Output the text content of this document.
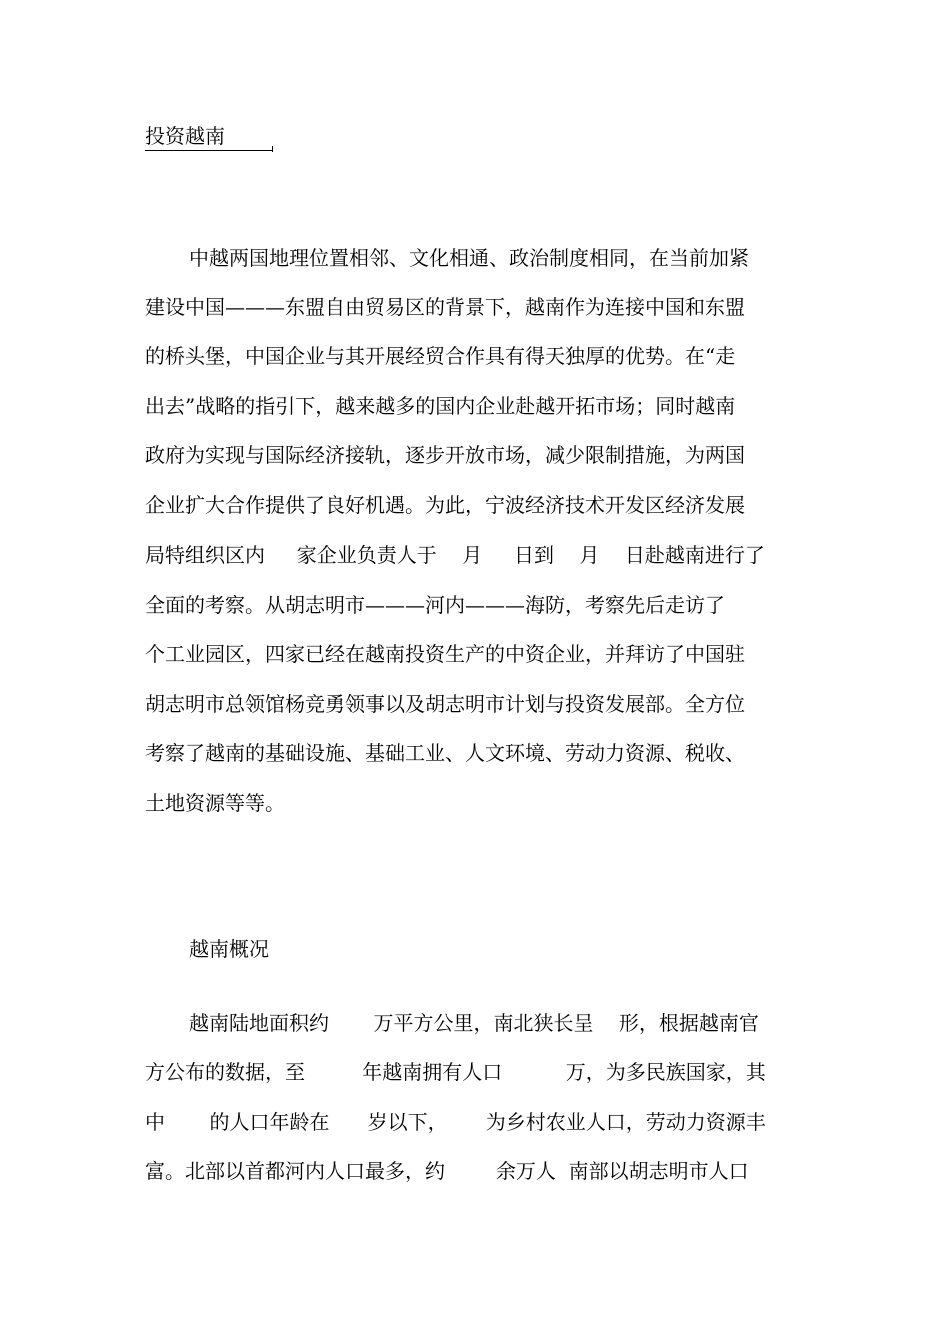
投资越南
中越两国地理位置相邻、文化相通、政治制度相同，在当前加紧
建设中国———东盟自由贸易区的背景下，越南作为连接中国和东盟
的桥头堡，中国企业与其开展经贸合作具有得天独厚的优势。在“走
出去”战略的指引下，越来越多的国内企业赴越开拓市场；同时越南
政府为实现与国际经济接轨，逐步开放市场，减少限制措施，为两国
企业扩大合作提供了良好机遇。为此，宁波经济技术开发区经济发展
局特组织区内     家企业负责人于    月     日到    月    日赴越南进行了
全面的考察。从胡志明市———河内———海防，考察先后走访了
个工业园区，四家已经在越南投资生产的中资企业，并拜访了中国驻
胡志明市总领馆杨竞勇领事以及胡志明市计划与投资发展部。全方位
考察了越南的基础设施、基础工业、人文环境、劳动力资源、税收、
土地资源等等。
越南概况
越南陆地面积约       万平方公里，南北狭长呈    形，根据越南官
方公布的数据，至         年越南拥有人口          万，为多民族国家，其
中       的人口年龄在      岁以下，      为乡村农业人口，劳动力资源丰
富。北部以首都河内人口最多，约        余万人  南部以胡志明市人口
